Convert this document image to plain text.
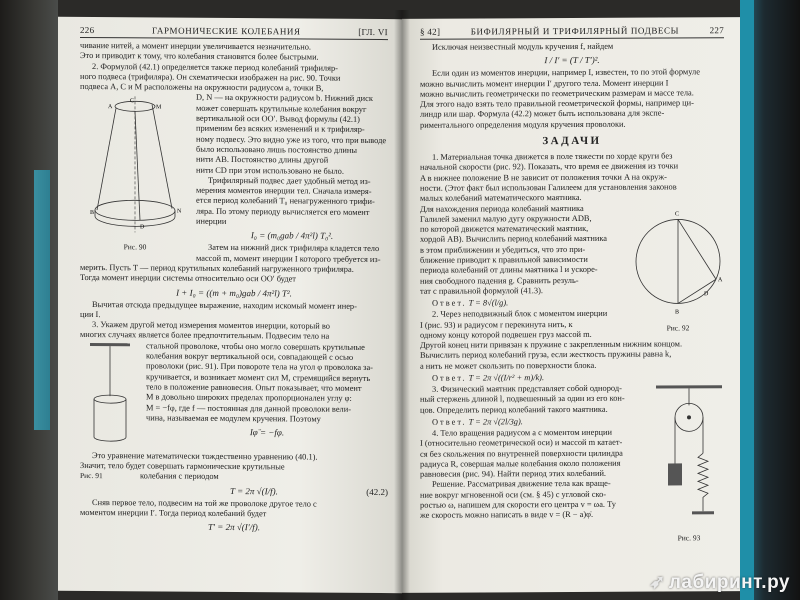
226	ГАРМОНИЧЕСКИЕ КОЛЕБАНИЯ	[ГЛ. VI

чивание нитей, а момент инерции увеличивается незначительно.

Это и приводит к тому, что колебания становятся более быстрыми.

2. Формулой (42.1) определяется также период колебаний трифиляр-

ного подвеса (трифиляра). Он схематически изображен на рис. 90. Точки

подвеса A, C и M расположены на окружности радиусом a, точки B,

C
A	M
B
D
N
Рис. 90

D, N — на окружности радиусом b. Нижний диск

может совершать крутильные колебания вокруг

вертикальной оси OO′. Вывод формулы (42.1)

применим без всяких изменений и к трифиляр-

ному подвесу. Это видно уже из того, что при выводе

было использовано лишь постоянство длины

нити AB. Постоянство длины другой

нити CD при этом использовано не было.

Трифилярный подвес дает удобный метод из-

мерения моментов инерции тел. Сначала измеря-

ется период колебаний T₀ ненагруженного трифи-

ляра. По этому периоду вычисляется его момент

инерции

I₀ = (m₀gab / 4π²l) T₀².

Затем на нижний диск трифиляра кладется тело

массой m, момент инерции I которого требуется из-

мерить. Пусть T — период крутильных колебаний нагруженного трифиляра.

Тогда момент инерции системы относительно оси OO′ будет

I + I₀ = ((m + m₀)gab / 4π²l) T².

Вычитая отсюда предыдущее выражение, находим искомый момент инер-

ции I.

3. Укажем другой метод измерения моментов инерции, который во

многих случаях является более предпочтительным. Подвесим тело на

стальной проволоке, чтобы оно могло совершать крутильные

колебания вокруг вертикальной оси, совпадающей с осью

проволоки (рис. 91). При повороте тела на угол φ проволока за-

кручивается, и возникает момент сил M, стремящийся вернуть

тело в положение равновесия. Опыт показывает, что момент

M в довольно широких пределах пропорционален углу φ:

M = −fφ, где f — постоянная для данной проволоки вели-

чина, называемая ее модулем кручения. Поэтому

Iφ̈ = −fφ.

Это уравнение математически тождественно уравнению (40.1).

Значит, тело будет совершать гармонические крутильные

Рис. 91	колебания с периодом

T = 2π √(I/f).	(42.2)

Сняв первое тело, подвесим на той же проволоке другое тело с

моментом инерции I′. Тогда период колебаний будет

T′ = 2π √(I′/f).
§ 42]	БИФИЛЯРНЫЙ И ТРИФИЛЯРНЫЙ ПОДВЕСЫ	227

Исключая неизвестный модуль кручения f, найдем

I / I′ = (T / T′)².

Если один из моментов инерции, например I, известен, то по этой формуле

можно вычислить момент инерции I′ другого тела. Момент инерции I

можно вычислить геометрически по геометрическим размерам и массе тела.

Для этого надо взять тело правильной геометрической формы, например ци-

линдр или шар. Формула (42.2) может быть использована для экспе-

риментального определения модуля кручения проволоки.

ЗАДАЧИ

1. Материальная точка движется в поле тяжести по хорде круги без

начальной скорости (рис. 92). Показать, что время ее движения из точки

A в нижнее положение B не зависит от положения точки A на окруж-

ности. (Этот факт был использован Галилеем для установления законов

малых колебаний математического маятника.

Для нахождения периода колебаний маятника

Галилей заменил малую дугу окружности ADB,

по которой движется математический маятник,

хордой AB). Вычислить период колебаний маятника

в этом приближении и убедиться, что это при-

ближение приводит к правильной зависимости

периода колебаний от длины маятника l и ускоре-

ния свободного падения g. Сравнить резуль-

тат с правильной формулой (41.3).

Ответ. T = 8√(l/g).

2. Через неподвижный блок с моментом инерции

I (рис. 93) и радиусом r перекинута нить, к

одному концу которой подвешен груз массой m.

C
A
B
D
Рис. 92

Другой конец нити привязан к пружине с закрепленным нижним концом.

Вычислить период колебаний груза, если жесткость пружины равна k,

а нить не может скользить по поверхности блока.

Ответ. T = 2π √((I/r² + m)/k).

3. Физический маятник представляет собой однород-

ный стержень длиной l, подвешенный за один из его кон-

цов. Определить период колебаний такого маятника.

Ответ. T = 2π √(2l/3g).

4. Тело вращения радиусом a с моментом инерции

I (относительно геометрической оси) и массой m катает-

ся без скольжения по внутренней поверхности цилиндра

радиуса R, совершая малые колебания около положения

равновесия (рис. 94). Найти период этих колебаний.

Решение. Рассматривая движение тела как враще-

ние вокруг мгновенной оси (см. § 45) с угловой ско-

ростью ω, напишем для скорости его центра v = ωa. Ту

же скорость можно написать в виде v = (R − a)φ̇.

Рис. 93
➶ лабиринт.ру
